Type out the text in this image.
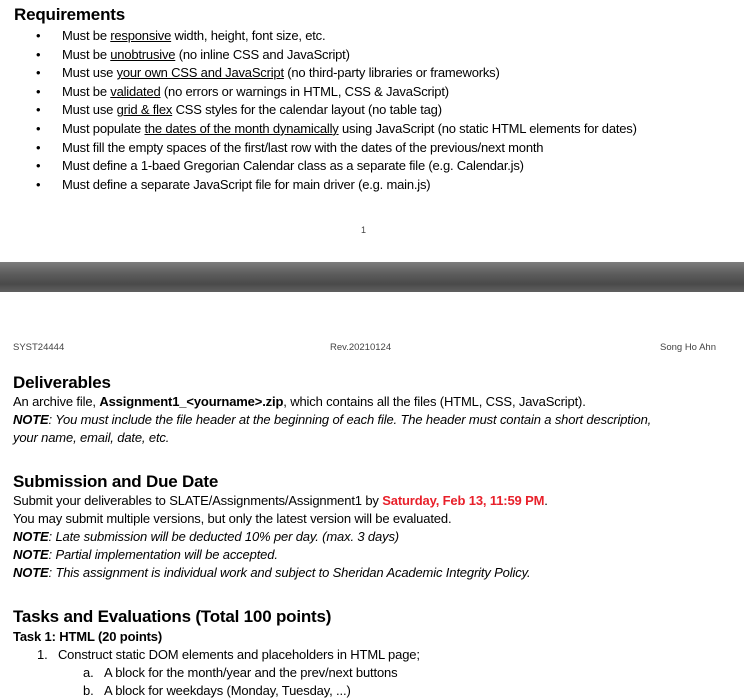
Requirements
• Must be responsive width, height, font size, etc.
• Must be unobtrusive (no inline CSS and JavaScript)
• Must use your own CSS and JavaScript (no third-party libraries or frameworks)
• Must be validated (no errors or warnings in HTML, CSS & JavaScript)
• Must use grid & flex CSS styles for the calendar layout (no table tag)
• Must populate the dates of the month dynamically using JavaScript (no static HTML elements for dates)
• Must fill the empty spaces of the first/last row with the dates of the previous/next month
• Must define a 1-baed Gregorian Calendar class as a separate file (e.g. Calendar.js)
• Must define a separate JavaScript file for main driver (e.g. main.js)
1
SYST24444	Rev.20210124	Song Ho Ahn
Deliverables
An archive file, Assignment1_<yourname>.zip, which contains all the files (HTML, CSS, JavaScript).
NOTE: You must include the file header at the beginning of each file. The header must contain a short description,
your name, email, date, etc.
Submission and Due Date
Submit your deliverables to SLATE/Assignments/Assignment1 by Saturday, Feb 13, 11:59 PM.
You may submit multiple versions, but only the latest version will be evaluated.
NOTE: Late submission will be deducted 10% per day. (max. 3 days)
NOTE: Partial implementation will be accepted.
NOTE: This assignment is individual work and subject to Sheridan Academic Integrity Policy.
Tasks and Evaluations (Total 100 points)
Task 1: HTML (20 points)
1. Construct static DOM elements and placeholders in HTML page;
a. A block for the month/year and the prev/next buttons
b. A block for weekdays (Monday, Tuesday, ...)
